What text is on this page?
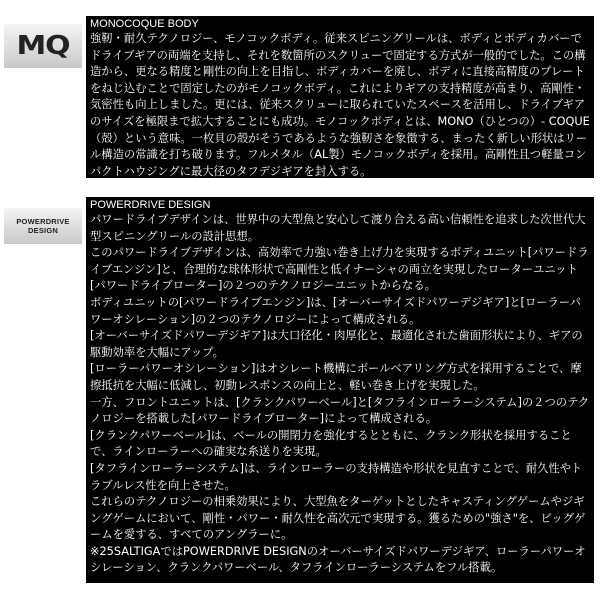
MQ
MONOCOQUE BODY

強靭・耐久テクノロジー、モノコックボディ。従来スピニングリールは、ボディとボディカバーでドライブギアの両端を支持し、それを数箇所のスクリューで固定する方式が一般的でした。この構造から、更なる精度と剛性の向上を目指し、ボディカバーを廃し、ボディに直接高精度のプレートをねじ込むことで固定したのがモノコックボディ。これによりギアの支持精度が高まり、高剛性・気密性も向上しました。更には、従来スクリューに取られていたスペースを活用し、ドライブギアのサイズを極限まで拡大することにも成功。モノコックボディとは、MONO（ひとつの）- COQUE（殻）という意味。一枚貝の殻がそうであるような強靭さを象徴する、まったく新しい形状はリール構造の常識を打ち破ります。フルメタル（AL製）モノコックボディを採用。高剛性且つ軽量コンパクトハウジングに最大径のタフデジギアを封入する。

POWERDRIVE
DESIGN
POWERDRIVE DESIGN

パワードライブデザインは、世界中の大型魚と安心して渡り合える高い信頼性を追求した次世代大型スピニングリールの設計思想。

このパワードライブデザインは、高効率で力強い巻き上げ力を実現するボディユニット[パワードライブエンジン]と、合理的な球体形状で高剛性と低イナーシャの両立を実現したローターユニット[パワードライブローター]の２つのテクノロジーユニットからなる。

ボディユニットの[パワードライブエンジン]は、[オーバーサイズドパワーデジギア]と[ローラーパワーオシレーション]の２つのテクノロジーによって構成される。

[オーバーサイズドパワーデジギア]は大口径化・肉厚化と、最適化された歯面形状により、ギアの駆動効率を大幅にアップ。

[ローラーパワーオシレーション]はオシレート機構にボールベアリング方式を採用することで、摩擦抵抗を大幅に低減し、初動レスポンスの向上と、軽い巻き上げを実現した。

一方、フロントユニットは、[クランクパワーベール]と[タフラインローラーシステム]の２つのテクノロジーを搭載した[パワードライブローター]によって構成される。

[クランクパワーベール]は、ベールの開閉力を強化するとともに、クランク形状を採用することで、ラインローラーへの確実な糸送りを実現。

[タフラインローラーシステム]は、ラインローラーの支持構造や形状を見直すことで、耐久性やトラブルレス性を向上させた。

これらのテクノロジーの相乗効果により、大型魚をターゲットとしたキャスティングゲームやジギングゲームにおいて、剛性・パワー・耐久性を高次元で実現する。獲るための"強さ"を、ビッグゲームを愛する、すべてのアングラーに。

※25SALTIGAではPOWERDRIVE DESIGNのオーバーサイズドパワーデジギア、ローラーパワーオシレーション、クランクパワーベール、タフラインローラーシステムをフル搭載。
